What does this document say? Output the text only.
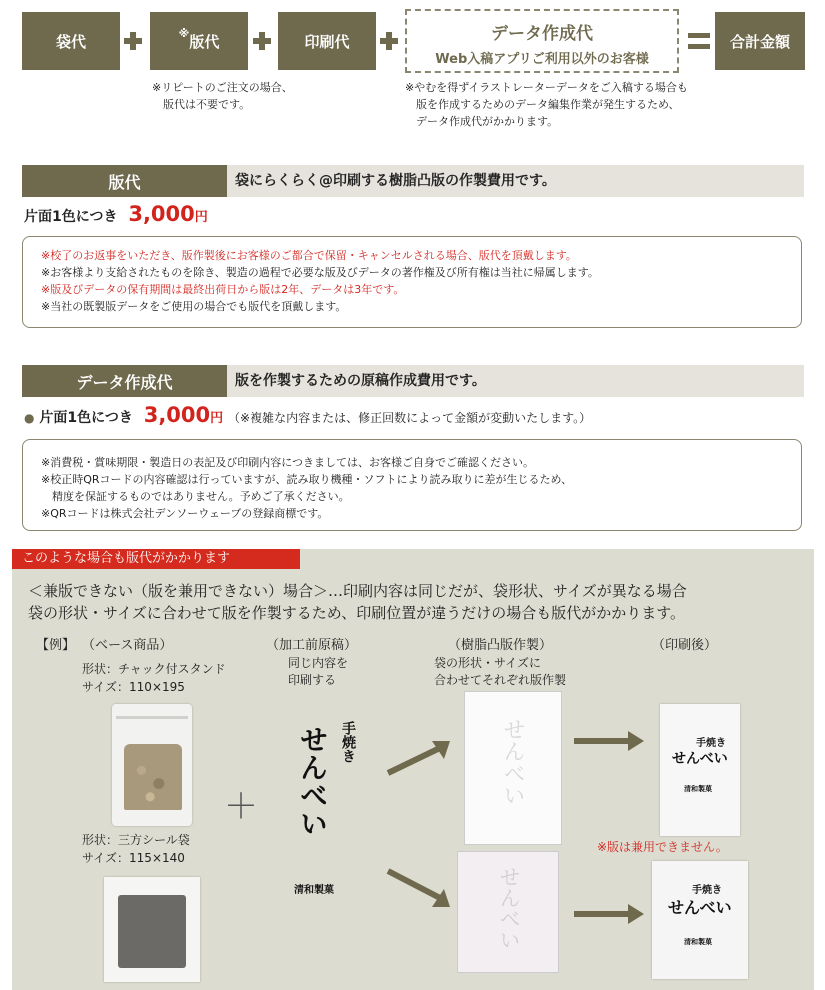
袋代	※ 版代	印刷代	データ作成代
Web入稿アプリご利用以外のお客様
合計金額
※リピートのご注文の場合、
版代は不要です。
※やむを得ずイラストレーターデータをご入稿する場合も
版を作成するためのデータ編集作業が発生するため、
データ作成代がかかります。
版代	袋にらくらく@印刷する樹脂凸版の作製費用です。
片面1色につき 3,000円
※校了のお返事をいただき、版作製後にお客様のご都合で保留・キャンセルされる場合、版代を頂戴します。
※お客様より支給されたものを除き、製造の過程で必要な版及びデータの著作権及び所有権は当社に帰属します。
※版及びデータの保有期間は最終出荷日から版は2年、データは3年です。
※当社の既製版データをご使用の場合でも版代を頂戴します。
データ作成代	版を作製するための原稿作成費用です。
● 片面1色につき 3,000円 （※複雑な内容または、修正回数によって金額が変動いたします。）
※消費税・賞味期限・製造日の表記及び印刷内容につきましては、お客様ご自身でご確認ください。
※校正時QRコードの内容確認は行っていますが、読み取り機種・ソフトにより読み取りに差が生じるため、
　精度を保証するものではありません。予めご了承ください。
※QRコードは株式会社デンソーウェーブの登録商標です。
このような場合も版代がかかります
＜兼版できない（版を兼用できない）場合＞…印刷内容は同じだが、袋形状、サイズが異なる場合
袋の形状・サイズに合わせて版を作製するため、印刷位置が違うだけの場合も版代がかかります。
【例】 （ベース商品）	（加工前原稿）	（樹脂凸版作製）	（印刷後）
形状：チャック付スタンド
サイズ：110×195
同じ内容を
印刷する
袋の形状・サイズに
合わせてそれぞれ版作製
形状：三方シール袋
サイズ：115×140
＋
手焼き
せんべい
清和製菓
せんべい
せんべい
手焼き
せんべい
清和製菓
※版は兼用できません。
手焼き
せんべい
清和製菓
